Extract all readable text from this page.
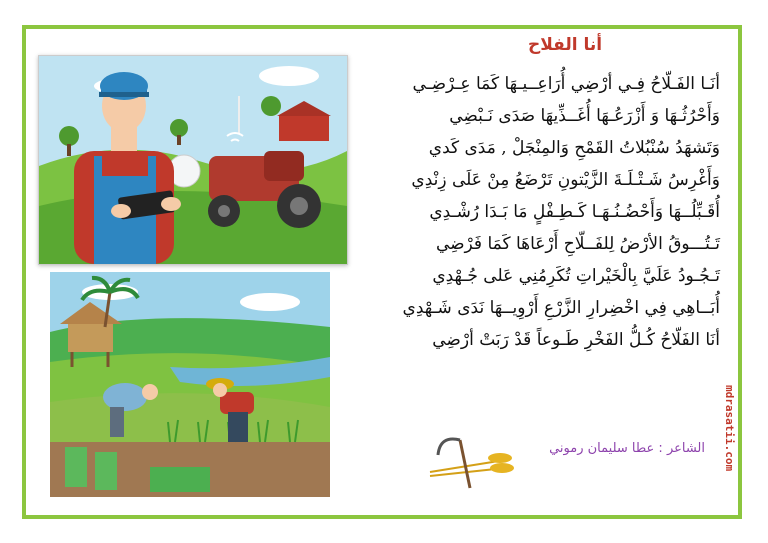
أنا الفلاح
أنَـا الفَـلّاحُ فِـي أرْضِي أُرَاعِــيـهَا كَمَا عِـرْضِـي
وَأَحْرُثُـهَا وَ أَزْرَعُـهَا أُغَــذِّيهَا صَدَى نَـبْضِي
وَتَشهَدُ سُنْبُلاتُ القَمْحِ وَالمِنْجَلْ , مَدَى كَدي
وَأَغْرِسُ شَـتْـلَـةَ الزَّيْتونِ تَرْضَعُ مِنْ عَلَى زِنْدِي
أُقَـبِّلُــهَا وَأَحْضُـنُـهَـا كَـطِـفْلٍ مَا بَـدَا رُشْـدِي
تَـتُـــوقُ الأرْضُ لِلفَــلّاحِ أَرْعَاهَا كَمَا فَرْضِي
تَـجُـودُ عَلَيَّ بِالْخَيْراتِ تُكَرِمُنِي عَلى جُـهْدِي
أُبَــاهِي فِي اخْضِرارِ الزَّرْعِ أَرْوِيــهَا نَدَى شَـهْدِي
أنَا الفَلّاحُ كُـلُّ الفَخْرِ طَـوعاً قَدْ رَبَتْ أرْضِي
الشاعر : عطا سليمان رموني mdrasatii.com
